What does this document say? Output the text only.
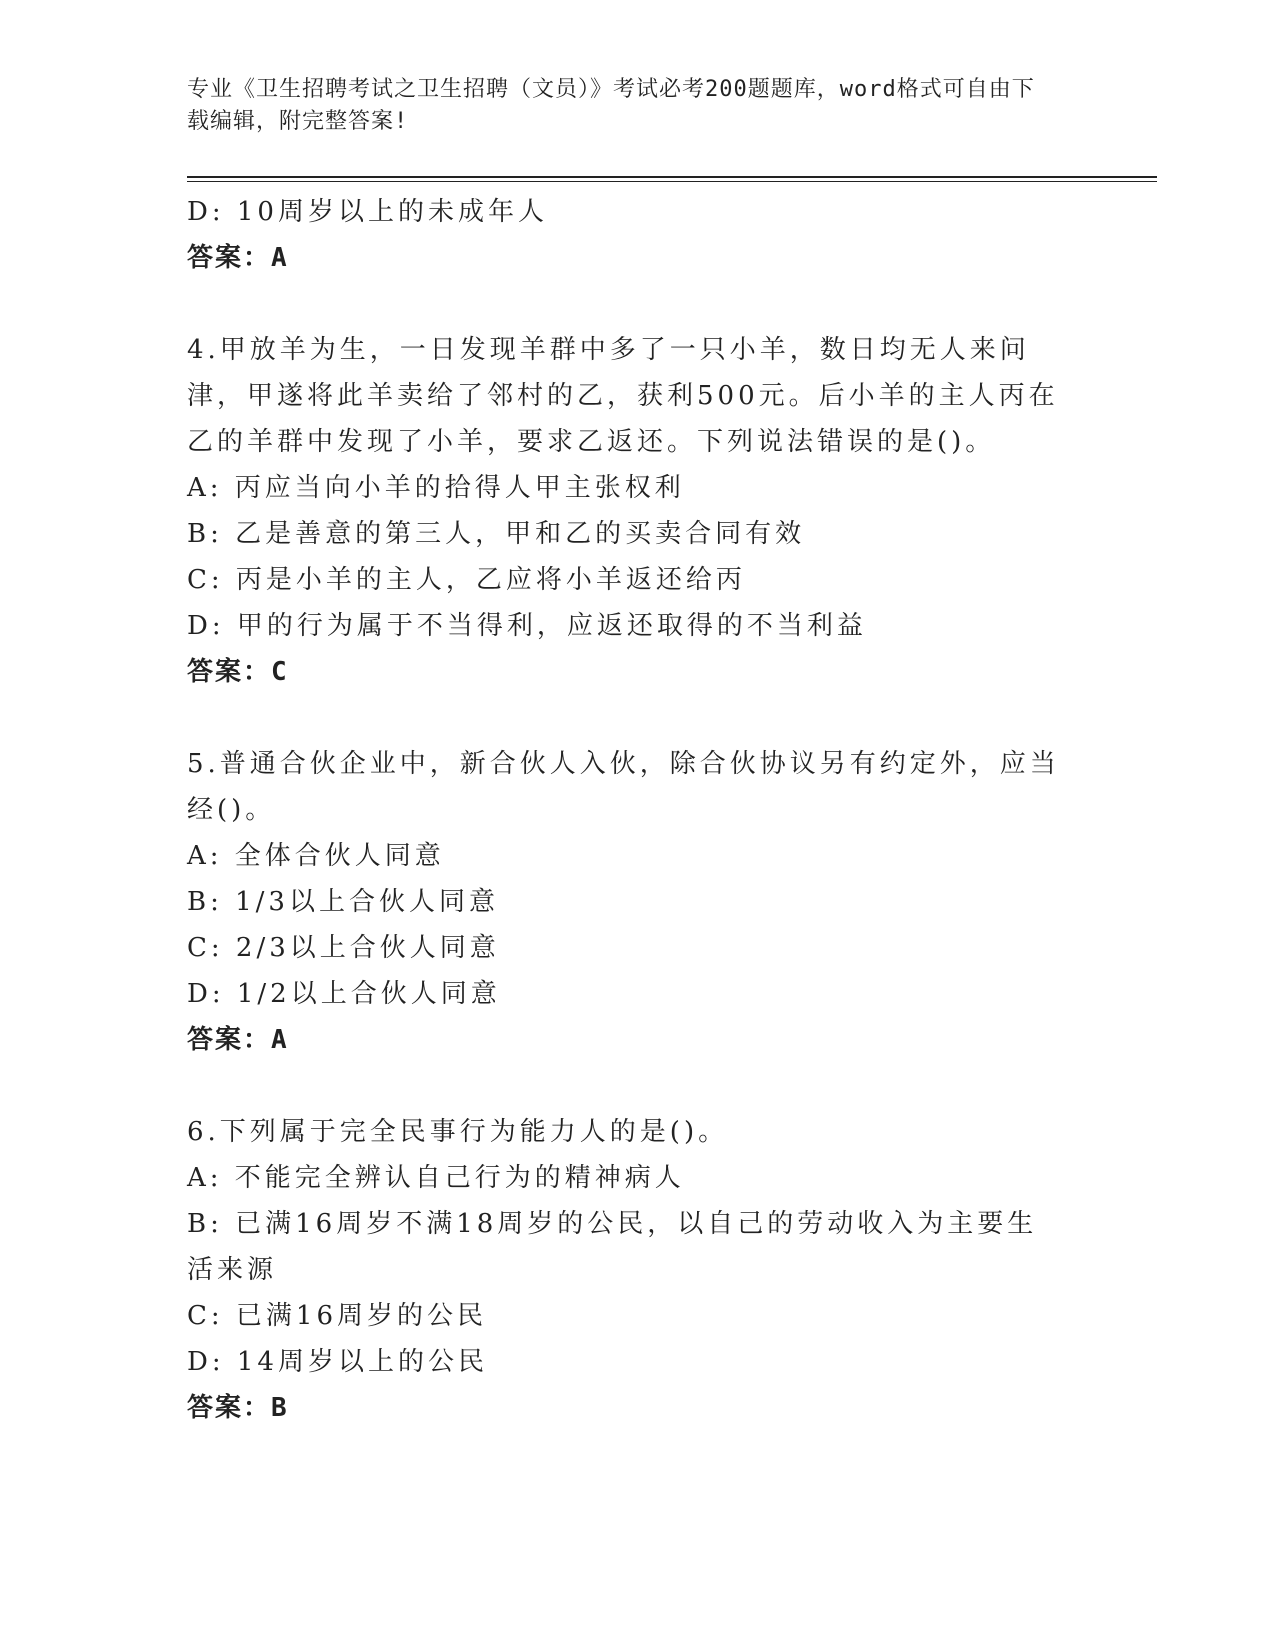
专业《卫生招聘考试之卫生招聘（文员）》考试必考200题题库，word格式可自由下载编辑，附完整答案!
D: 10周岁以上的未成年人
答案：A
4.甲放羊为生，一日发现羊群中多了一只小羊，数日均无人来问津，甲遂将此羊卖给了邻村的乙，获利500元。后小羊的主人丙在乙的羊群中发现了小羊，要求乙返还。下列说法错误的是()。
A: 丙应当向小羊的拾得人甲主张权利
B: 乙是善意的第三人，甲和乙的买卖合同有效
C: 丙是小羊的主人，乙应将小羊返还给丙
D: 甲的行为属于不当得利，应返还取得的不当利益
答案：C
5.普通合伙企业中，新合伙人入伙，除合伙协议另有约定外，应当经()。
A: 全体合伙人同意
B: 1/3以上合伙人同意
C: 2/3以上合伙人同意
D: 1/2以上合伙人同意
答案：A
6.下列属于完全民事行为能力人的是()。
A: 不能完全辨认自己行为的精神病人
B: 已满16周岁不满18周岁的公民，以自己的劳动收入为主要生活来源
C: 已满16周岁的公民
D: 14周岁以上的公民
答案：B
